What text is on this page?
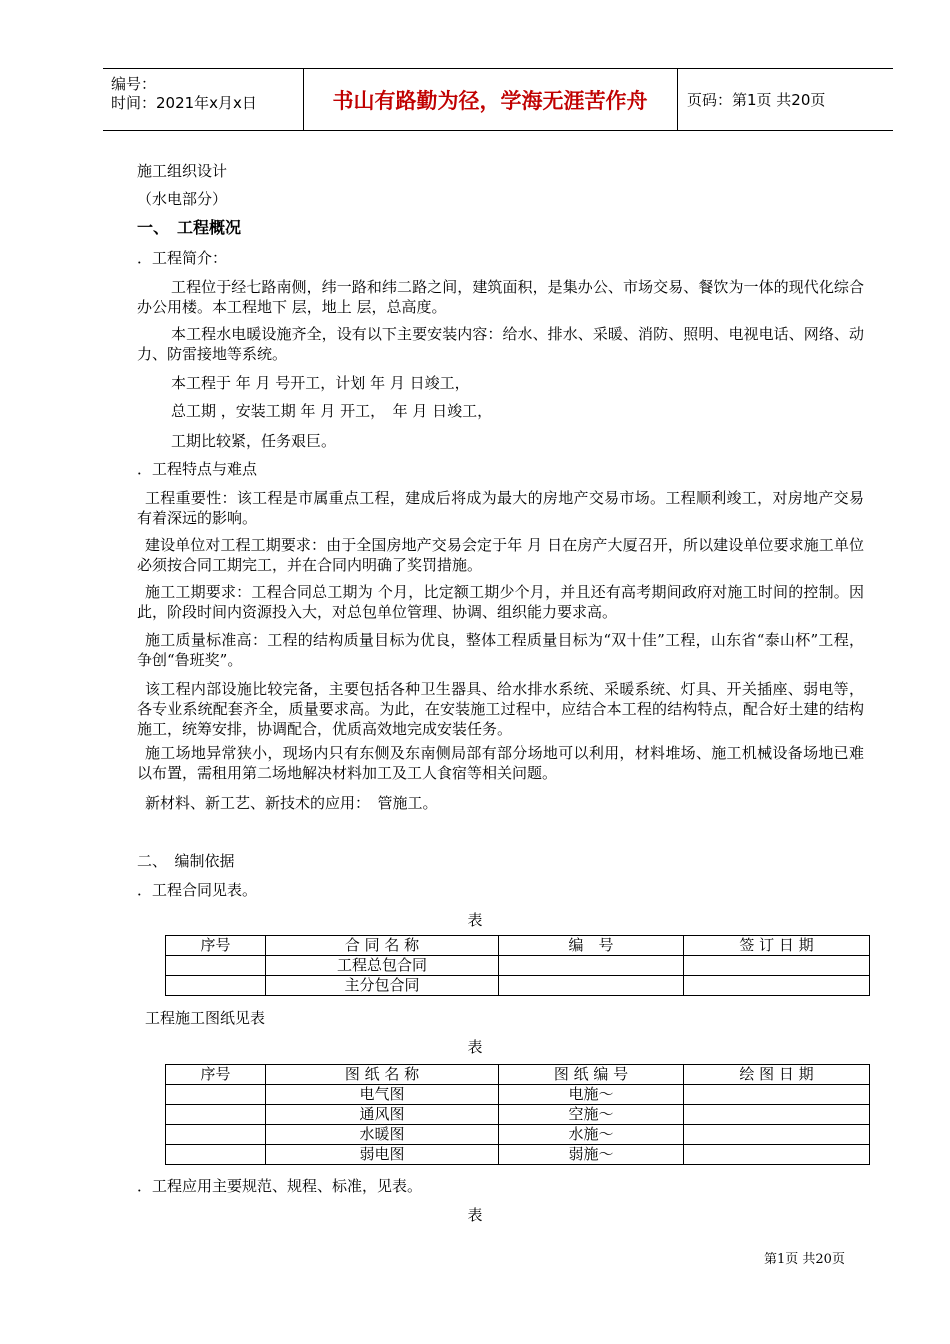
编号：
时间：2021年x月x日	书山有路勤为径，学海无涯苦作舟	页码：第1页 共20页
施工组织设计
（水电部分）
一、　工程概况
．工程简介：
工程位于经七路南侧，纬一路和纬二路之间，建筑面积，是集办公、市场交易、餐饮为一体的现代化综合办公用楼。本工程地下 层，地上 层，总高度。
本工程水电暖设施齐全，设有以下主要安装内容：给水、排水、采暖、消防、照明、电视电话、网络、动力、防雷接地等系统。
本工程于 年 月 号开工，计划 年 月 日竣工，
总工期 ，安装工期 年 月 开工，　年 月 日竣工，
工期比较紧，任务艰巨。
．工程特点与难点
工程重要性：该工程是市属重点工程，建成后将成为最大的房地产交易市场。工程顺利竣工，对房地产交易有着深远的影响。
建设单位对工程工期要求：由于全国房地产交易会定于年 月 日在房产大厦召开，所以建设单位要求施工单位必须按合同工期完工，并在合同内明确了奖罚措施。
施工工期要求：工程合同总工期为 个月，比定额工期少个月，并且还有高考期间政府对施工时间的控制。因此，阶段时间内资源投入大，对总包单位管理、协调、组织能力要求高。
施工质量标准高：工程的结构质量目标为优良，整体工程质量目标为“双十佳”工程，山东省“泰山杯”工程，争创“鲁班奖”。
该工程内部设施比较完备，主要包括各种卫生器具、给水排水系统、采暖系统、灯具、开关插座、弱电等，各专业系统配套齐全，质量要求高。为此，在安装施工过程中，应结合本工程的结构特点，配合好土建的结构施工，统筹安排，协调配合，优质高效地完成安装任务。
施工场地异常狭小，现场内只有东侧及东南侧局部有部分场地可以利用，材料堆场、施工机械设备场地已难以布置，需租用第二场地解决材料加工及工人食宿等相关问题。
新材料、新工艺、新技术的应用：　管施工。
二、　编制依据
．工程合同见表。
表
序号	合 同 名 称	编　号	签 订 日 期
	工程总包合同		
	主分包合同		
工程施工图纸见表
表
序号	图 纸 名 称	图 纸 编 号	绘 图 日 期
	电气图	电施～	
	通风图	空施～	
	水暖图	水施～	
	弱电图	弱施～	
．工程应用主要规范、规程、标准，见表。
表
第1页 共20页
